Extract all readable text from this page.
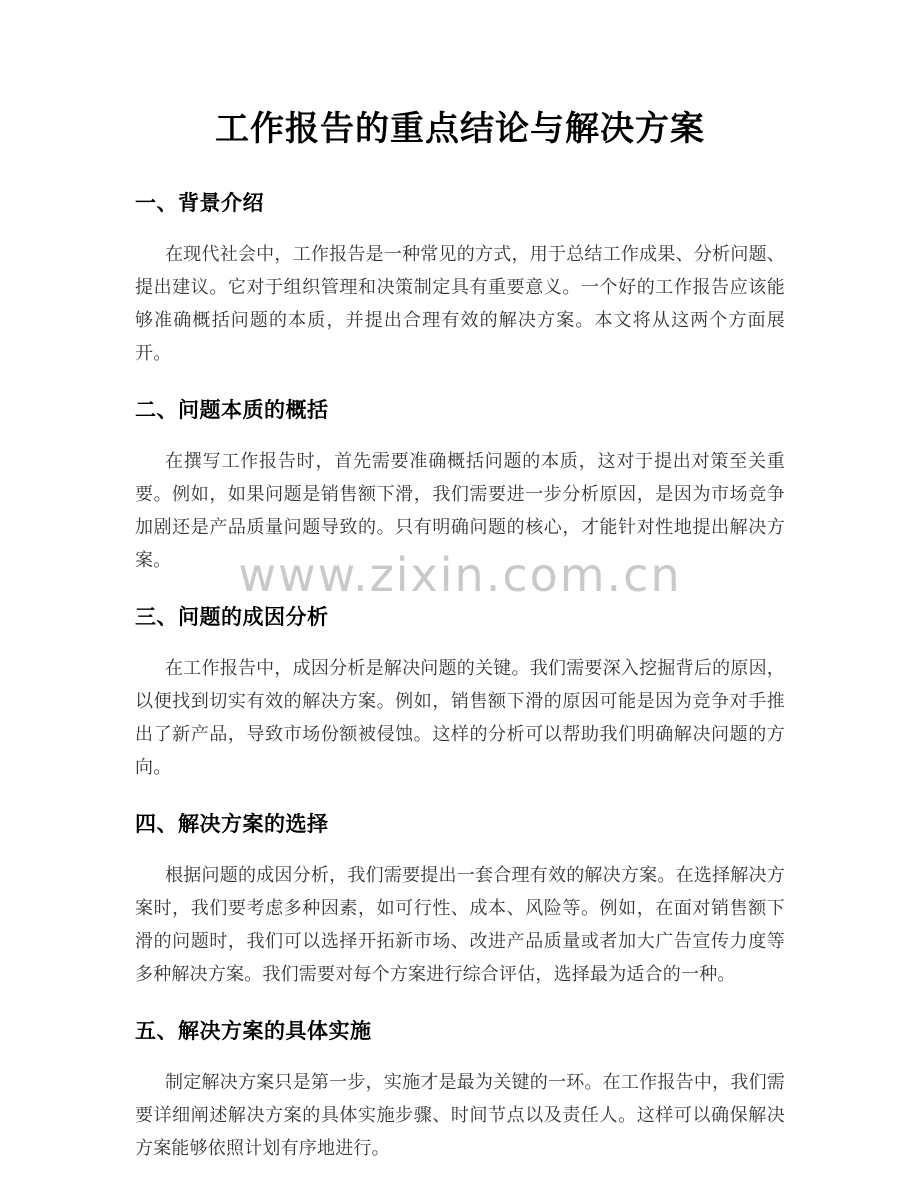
www.zixin.com.cn
工作报告的重点结论与解决方案
一、背景介绍

在现代社会中，工作报告是一种常见的方式，用于总结工作成果、分析问题、提出建议。它对于组织管理和决策制定具有重要意义。一个好的工作报告应该能够准确概括问题的本质，并提出合理有效的解决方案。本文将从这两个方面展开。

二、问题本质的概括

在撰写工作报告时，首先需要准确概括问题的本质，这对于提出对策至关重要。例如，如果问题是销售额下滑，我们需要进一步分析原因，是因为市场竞争加剧还是产品质量问题导致的。只有明确问题的核心，才能针对性地提出解决方案。

三、问题的成因分析

在工作报告中，成因分析是解决问题的关键。我们需要深入挖掘背后的原因，以便找到切实有效的解决方案。例如，销售额下滑的原因可能是因为竞争对手推出了新产品，导致市场份额被侵蚀。这样的分析可以帮助我们明确解决问题的方向。

四、解决方案的选择

根据问题的成因分析，我们需要提出一套合理有效的解决方案。在选择解决方案时，我们要考虑多种因素，如可行性、成本、风险等。例如，在面对销售额下滑的问题时，我们可以选择开拓新市场、改进产品质量或者加大广告宣传力度等多种解决方案。我们需要对每个方案进行综合评估，选择最为适合的一种。

五、解决方案的具体实施

制定解决方案只是第一步，实施才是最为关键的一环。在工作报告中，我们需要详细阐述解决方案的具体实施步骤、时间节点以及责任人。这样可以确保解决方案能够依照计划有序地进行。
